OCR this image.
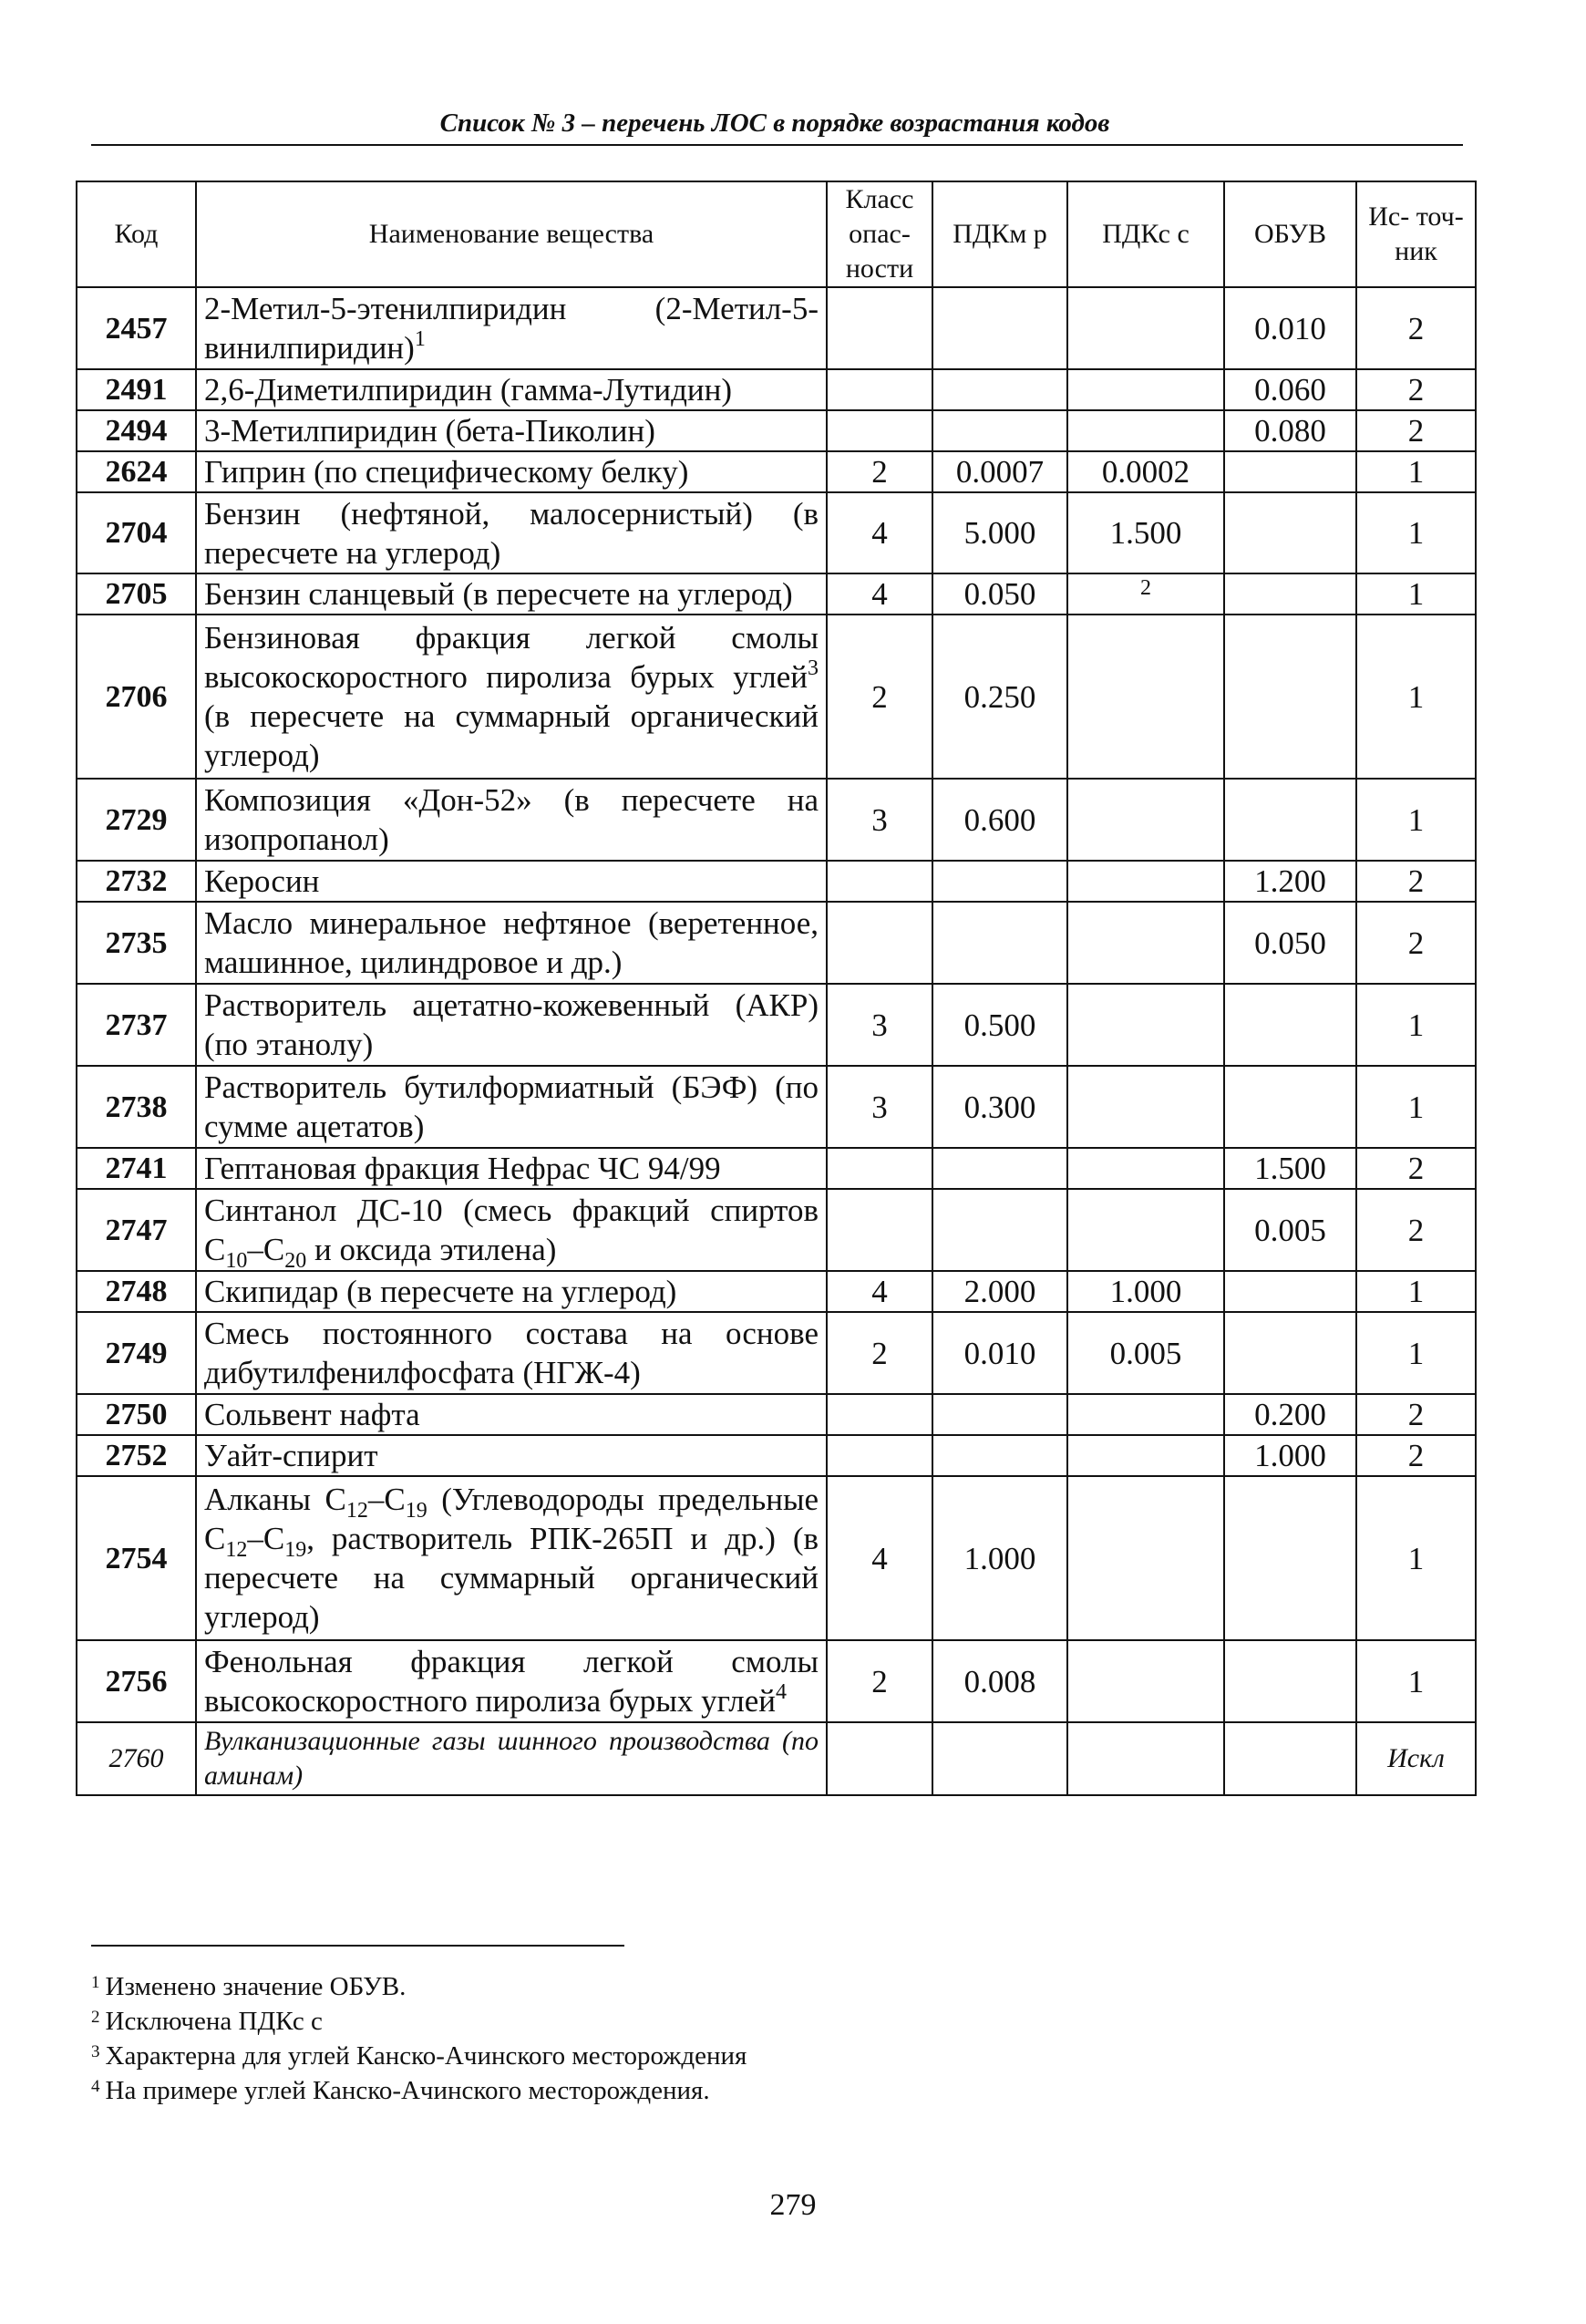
Список № 3 – перечень ЛОС в порядке возрастания кодов
Код	Наименование вещества	Класс опас- ности	ПДКм р	ПДКс с	ОБУВ	Ис- точ- ник
2457	2-Метил-5-этенилпиридин (2-Метил-5-винилпиридин)$^1$				0.010	2
2491	2,6-Диметилпиридин (гамма-Лутидин)				0.060	2
2494	3-Метилпиридин (бета-Пиколин)				0.080	2
2624	Гиприн (по специфическому белку)	2	0.0007	0.0002		1
2704	Бензин (нефтяной, малосернистый) (в пересчете на углерод)	4	5.000	1.500		1
2705	Бензин сланцевый (в пересчете на углерод)	4	0.050	2		1
2706	Бензиновая фракция легкой смолы высокоскоростного пиролиза бурых углей$^3$ (в пересчете на суммарный органический углерод)	2	0.250			1
2729	Композиция «Дон-52» (в пересчете на изопропанол)	3	0.600			1
2732	Керосин				1.200	2
2735	Масло минеральное нефтяное (веретенное, машинное, цилиндровое и др.)				0.050	2
2737	Растворитель ацетатно-кожевенный (АКР) (по этанолу)	3	0.500			1
2738	Растворитель бутилформиатный (БЭФ) (по сумме ацетатов)	3	0.300			1
2741	Гептановая фракция Нефрас ЧС 94/99				1.500	2
2747	Синтанол ДС-10 (смесь фракций спиртов $C_{10}-C_{20}$ и оксида этилена)				0.005	2
2748	Скипидар (в пересчете на углерод)	4	2.000	1.000		1
2749	Смесь постоянного состава на основе дибутилфенилфосфата (НГЖ-4)	2	0.010	0.005		1
2750	Сольвент нафта				0.200	2
2752	Уайт-спирит				1.000	2
2754	Алканы $C_{12}-C_{19}$ (Углеводороды предельные $C_{12}-C_{19}$, растворитель РПК-265П и др.) (в пересчете на суммарный органический углерод)	4	1.000			1
2756	Фенольная фракция легкой смолы высокоскоростного пиролиза бурых углей$^4$	2	0.008			1
2760	Вулканизационные газы шинного производства (по аминам)					Искл
$^1$ Изменено значение ОБУВ.
$^2$ Исключена ПДКс с
$^3$ Характерна для углей Канско-Ачинского месторождения
$^4$ На примере углей Канско-Ачинского месторождения.
279
